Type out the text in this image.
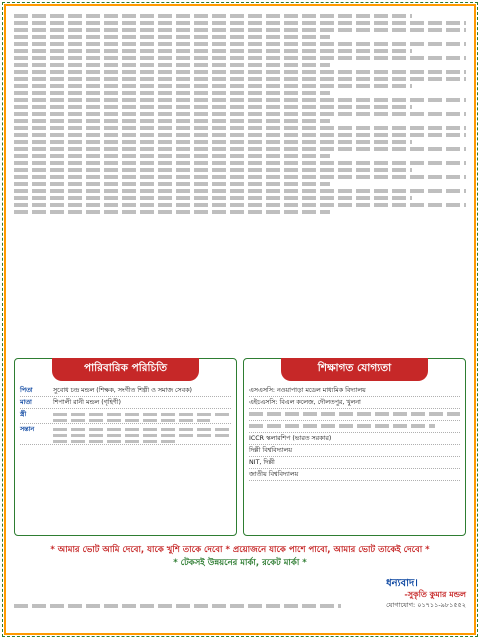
পারিবারিক পরিচিতি
পিতা	সুবোধ চন্দ্র মন্ডল (শিক্ষক, সংগীত শিল্পী ও সমাজ সেবক)
মাতা	শিপালী রানী মন্ডল (গৃহিণী)
স্ত্রী
সন্তান
শিক্ষাগত যোগ্যতা
এসএসসি: নওয়াপাড়া মডেল মাধ্যমিক বিদ্যালয়
এইচএসসি: বিএল কলেজ, দৌলতপুর, খুলনা
ICCR স্কলারশিপ (ভারত সরকার)
দিল্লী বিশ্ববিদ্যালয়
NIT, দিল্লী
জাতীয় বিশ্ববিদ্যালয়
* আমার ভোট আমি দেবো, যাকে খুশি তাকে দেবো * প্রয়োজনে যাকে পাশে পাবো, আমার ভোট তাকেই দেবো *
* টেকসই উন্নয়নের মার্কা, রকেট মার্কা *
ধন্যবাদ।
-সুকৃতি কুমার মন্ডল
যোগাযোগ: ০১৭১১-৯৮১৫৫২
